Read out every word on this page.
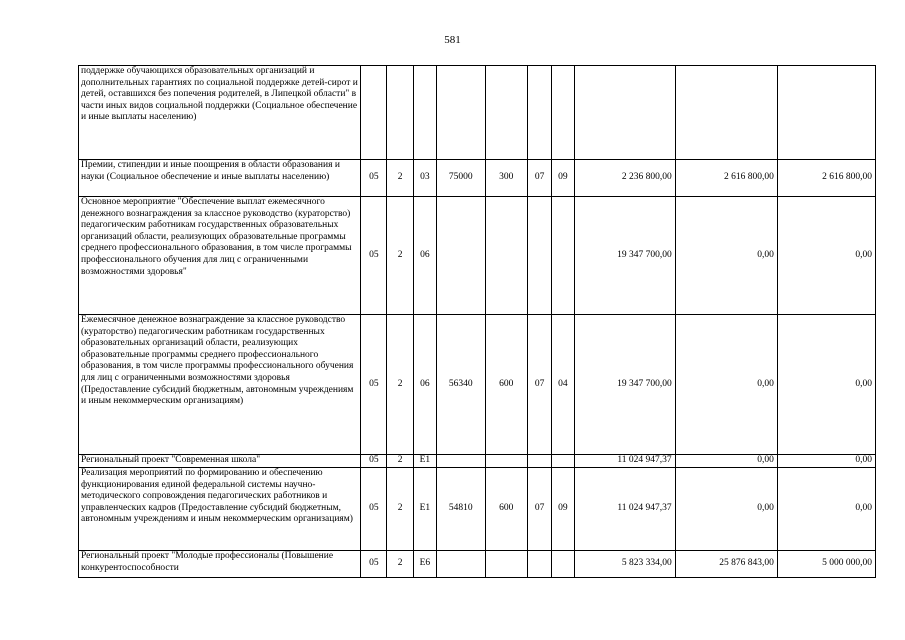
581
поддержке обучающихся образовательных организаций и дополнительных гарантиях по социальной поддержке детей-сирот и детей, оставшихся без попечения родителей, в Липецкой области" в части иных видов социальной поддержки (Социальное обеспечение и иные выплаты населению)										
Премии, стипендии и иные поощрения в области образования и науки (Социальное обеспечение и иные выплаты населению)	05	2	03	75000	300	07	09	2 236 800,00	2 616 800,00	2 616 800,00
Основное мероприятие "Обеспечение выплат ежемесячного денежного вознаграждения за классное руководство (кураторство) педагогическим работникам государственных образовательных организаций области, реализующих образовательные программы среднего профессионального образования, в том числе программы профессионального обучения для лиц с ограниченными возможностями здоровья"	05	2	06					19 347 700,00	0,00	0,00
Ежемесячное денежное вознаграждение за классное руководство (кураторство) педагогическим работникам государственных образовательных организаций области, реализующих образовательные программы среднего профессионального образования, в том числе программы профессионального обучения для лиц с ограниченными возможностями здоровья (Предоставление субсидий бюджетным, автономным учреждениям и иным некоммерческим организациям)	05	2	06	56340	600	07	04	19 347 700,00	0,00	0,00
Региональный проект "Современная школа"	05	2	E1					11 024 947,37	0,00	0,00
Реализация мероприятий по формированию и обеспечению функционирования единой федеральной системы научно-методического сопровождения педагогических работников и управленческих кадров (Предоставление субсидий бюджетным, автономным учреждениям и иным некоммерческим организациям)	05	2	E1	54810	600	07	09	11 024 947,37	0,00	0,00
Региональный проект "Молодые профессионалы (Повышение конкурентоспособности	05	2	E6					5 823 334,00	25 876 843,00	5 000 000,00
